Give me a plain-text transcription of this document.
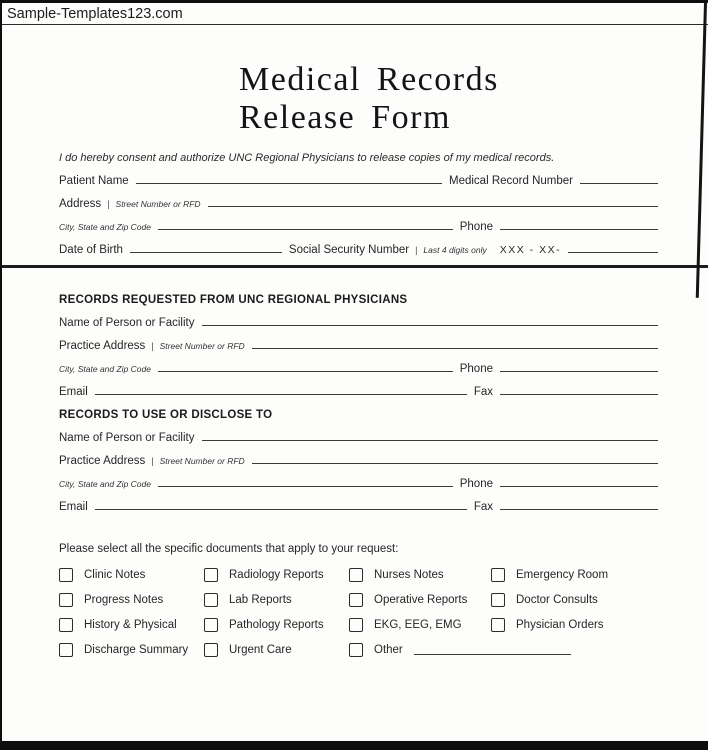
Sample-Templates123.com
Medical Records
Release Form

I do hereby consent and authorize UNC Regional Physicians to release copies of my medical records.

Patient Name	Medical Record Number
Address | Street Number or RFD
City, State and Zip Code	Phone
Date of Birth	Social Security Number | Last 4 digits only XXX - XX-
RECORDS REQUESTED FROM UNC REGIONAL PHYSICIANS
Name of Person or Facility
Practice Address | Street Number or RFD
City, State and Zip Code	Phone
Email	Fax
RECORDS TO USE OR DISCLOSE TO
Name of Person or Facility
Practice Address | Street Number or RFD
City, State and Zip Code	Phone
Email	Fax
Please select all the specific documents that apply to your request:
Clinic Notes	Radiology Reports	Nurses Notes	Emergency Room
Progress Notes	Lab Reports	Operative Reports	Doctor Consults
History & Physical	Pathology Reports	EKG, EEG, EMG	Physician Orders
Discharge Summary	Urgent Care	Other
